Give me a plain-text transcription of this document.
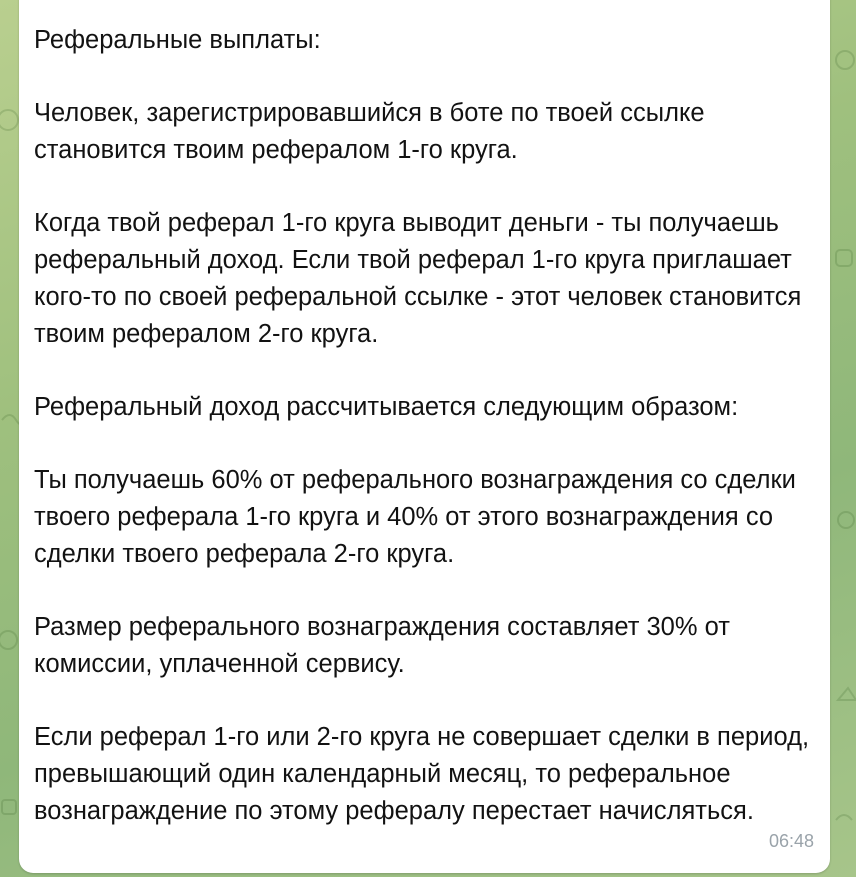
Реферальные выплаты:
Человек, зарегистрировавшийся в боте по твоей ссылке становится твоим рефералом 1-го круга.
Когда твой реферал 1-го круга выводит деньги - ты получаешь реферальный доход. Если твой реферал 1-го круга приглашает кого-то по своей реферальной ссылке - этот человек становится твоим рефералом 2-го круга.
Реферальный доход рассчитывается следующим образом:
Ты получаешь 60% от реферального вознаграждения со сделки твоего реферала 1-го круга и 40% от этого вознаграждения со сделки твоего реферала 2-го круга.
Размер реферального вознаграждения составляет 30% от комиссии, уплаченной сервису.
Если реферал 1-го или 2-го круга не совершает сделки в период, превышающий один календарный месяц, то реферальное вознаграждение по этому рефералу перестает начисляться.
06:48
